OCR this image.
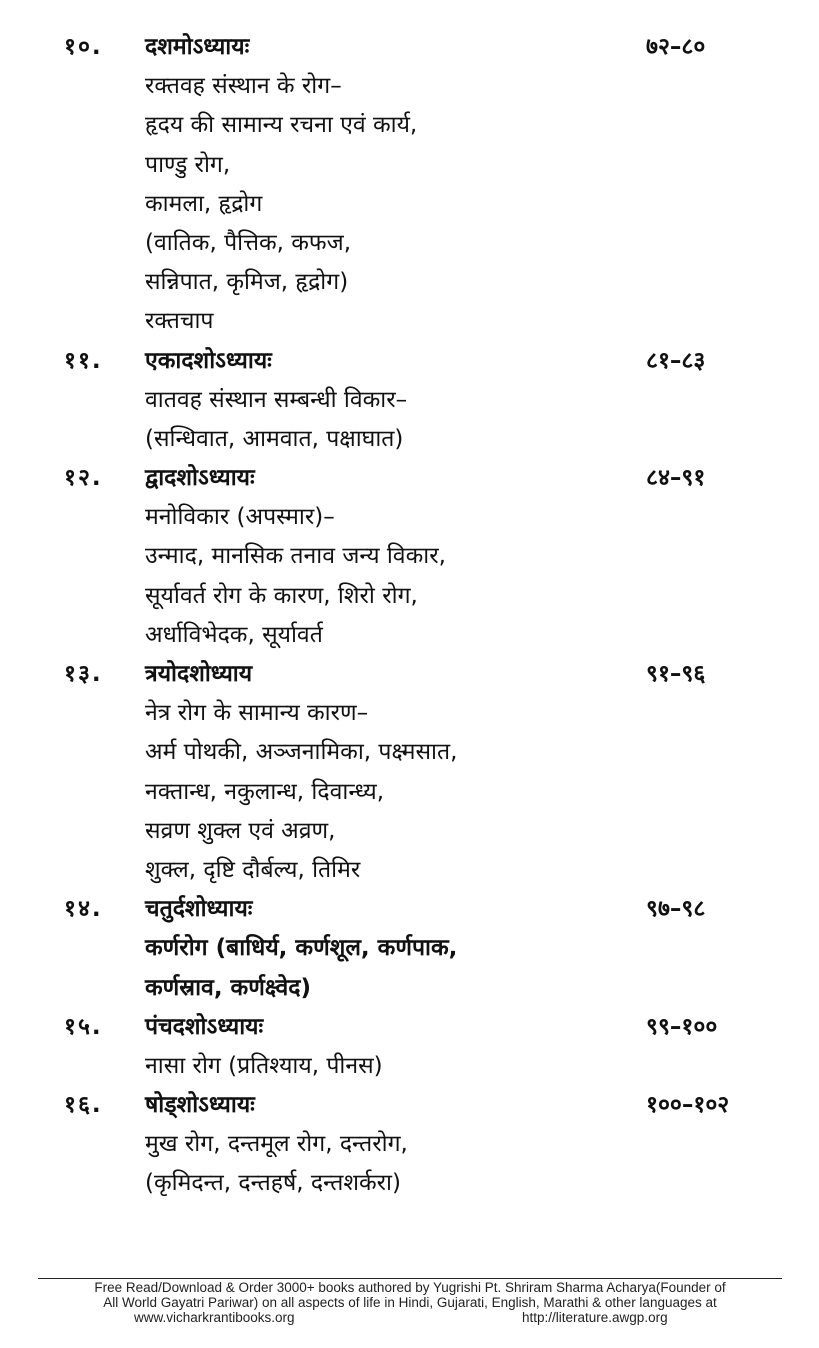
१०. दशमोऽध्यायः	७२–८०
रक्तवह संस्थान के रोग–
हृदय की सामान्य रचना एवं कार्य,
पाण्डु रोग,
कामला, हृद्रोग
(वातिक, पैत्तिक, कफज,
सन्निपात, कृमिज, हृद्रोग)
रक्तचाप
११. एकादशोऽध्यायः	८१–८३
वातवह संस्थान सम्बन्धी विकार–
(सन्धिवात, आमवात, पक्षाघात)
१२. द्वादशोऽध्यायः	८४–९१
मनोविकार (अपस्मार)–
उन्माद, मानसिक तनाव जन्य विकार,
सूर्यावर्त रोग के कारण, शिरो रोग,
अर्धाविभेदक, सूर्यावर्त
१३. त्रयोदशोध्याय	९१–९६
नेत्र रोग के सामान्य कारण–
अर्म पोथकी, अञ्जनामिका, पक्ष्मसात,
नक्तान्ध, नकुलान्ध, दिवान्ध्य,
सव्रण शुक्ल एवं अव्रण,
शुक्ल, दृष्टि दौर्बल्य, तिमिर
१४. चतुर्दशोध्यायः	९७–९८
कर्णरोग (बाधिर्य, कर्णशूल, कर्णपाक,
कर्णस्राव, कर्णक्ष्वेद)
१५. पंचदशोऽध्यायः	९९–१००
नासा रोग (प्रतिश्याय, पीनस)
१६. षोड्शोऽध्यायः	१००–१०२
मुख रोग, दन्तमूल रोग, दन्तरोग,
(कृमिदन्त, दन्तहर्ष, दन्तशर्करा)
Free Read/Download & Order 3000+ books authored by Yugrishi Pt. Shriram Sharma Acharya(Founder of
All World Gayatri Pariwar) on all aspects of life in Hindi, Gujarati, English, Marathi & other languages at
www.vicharkrantibooks.org	http://literature.awgp.org
